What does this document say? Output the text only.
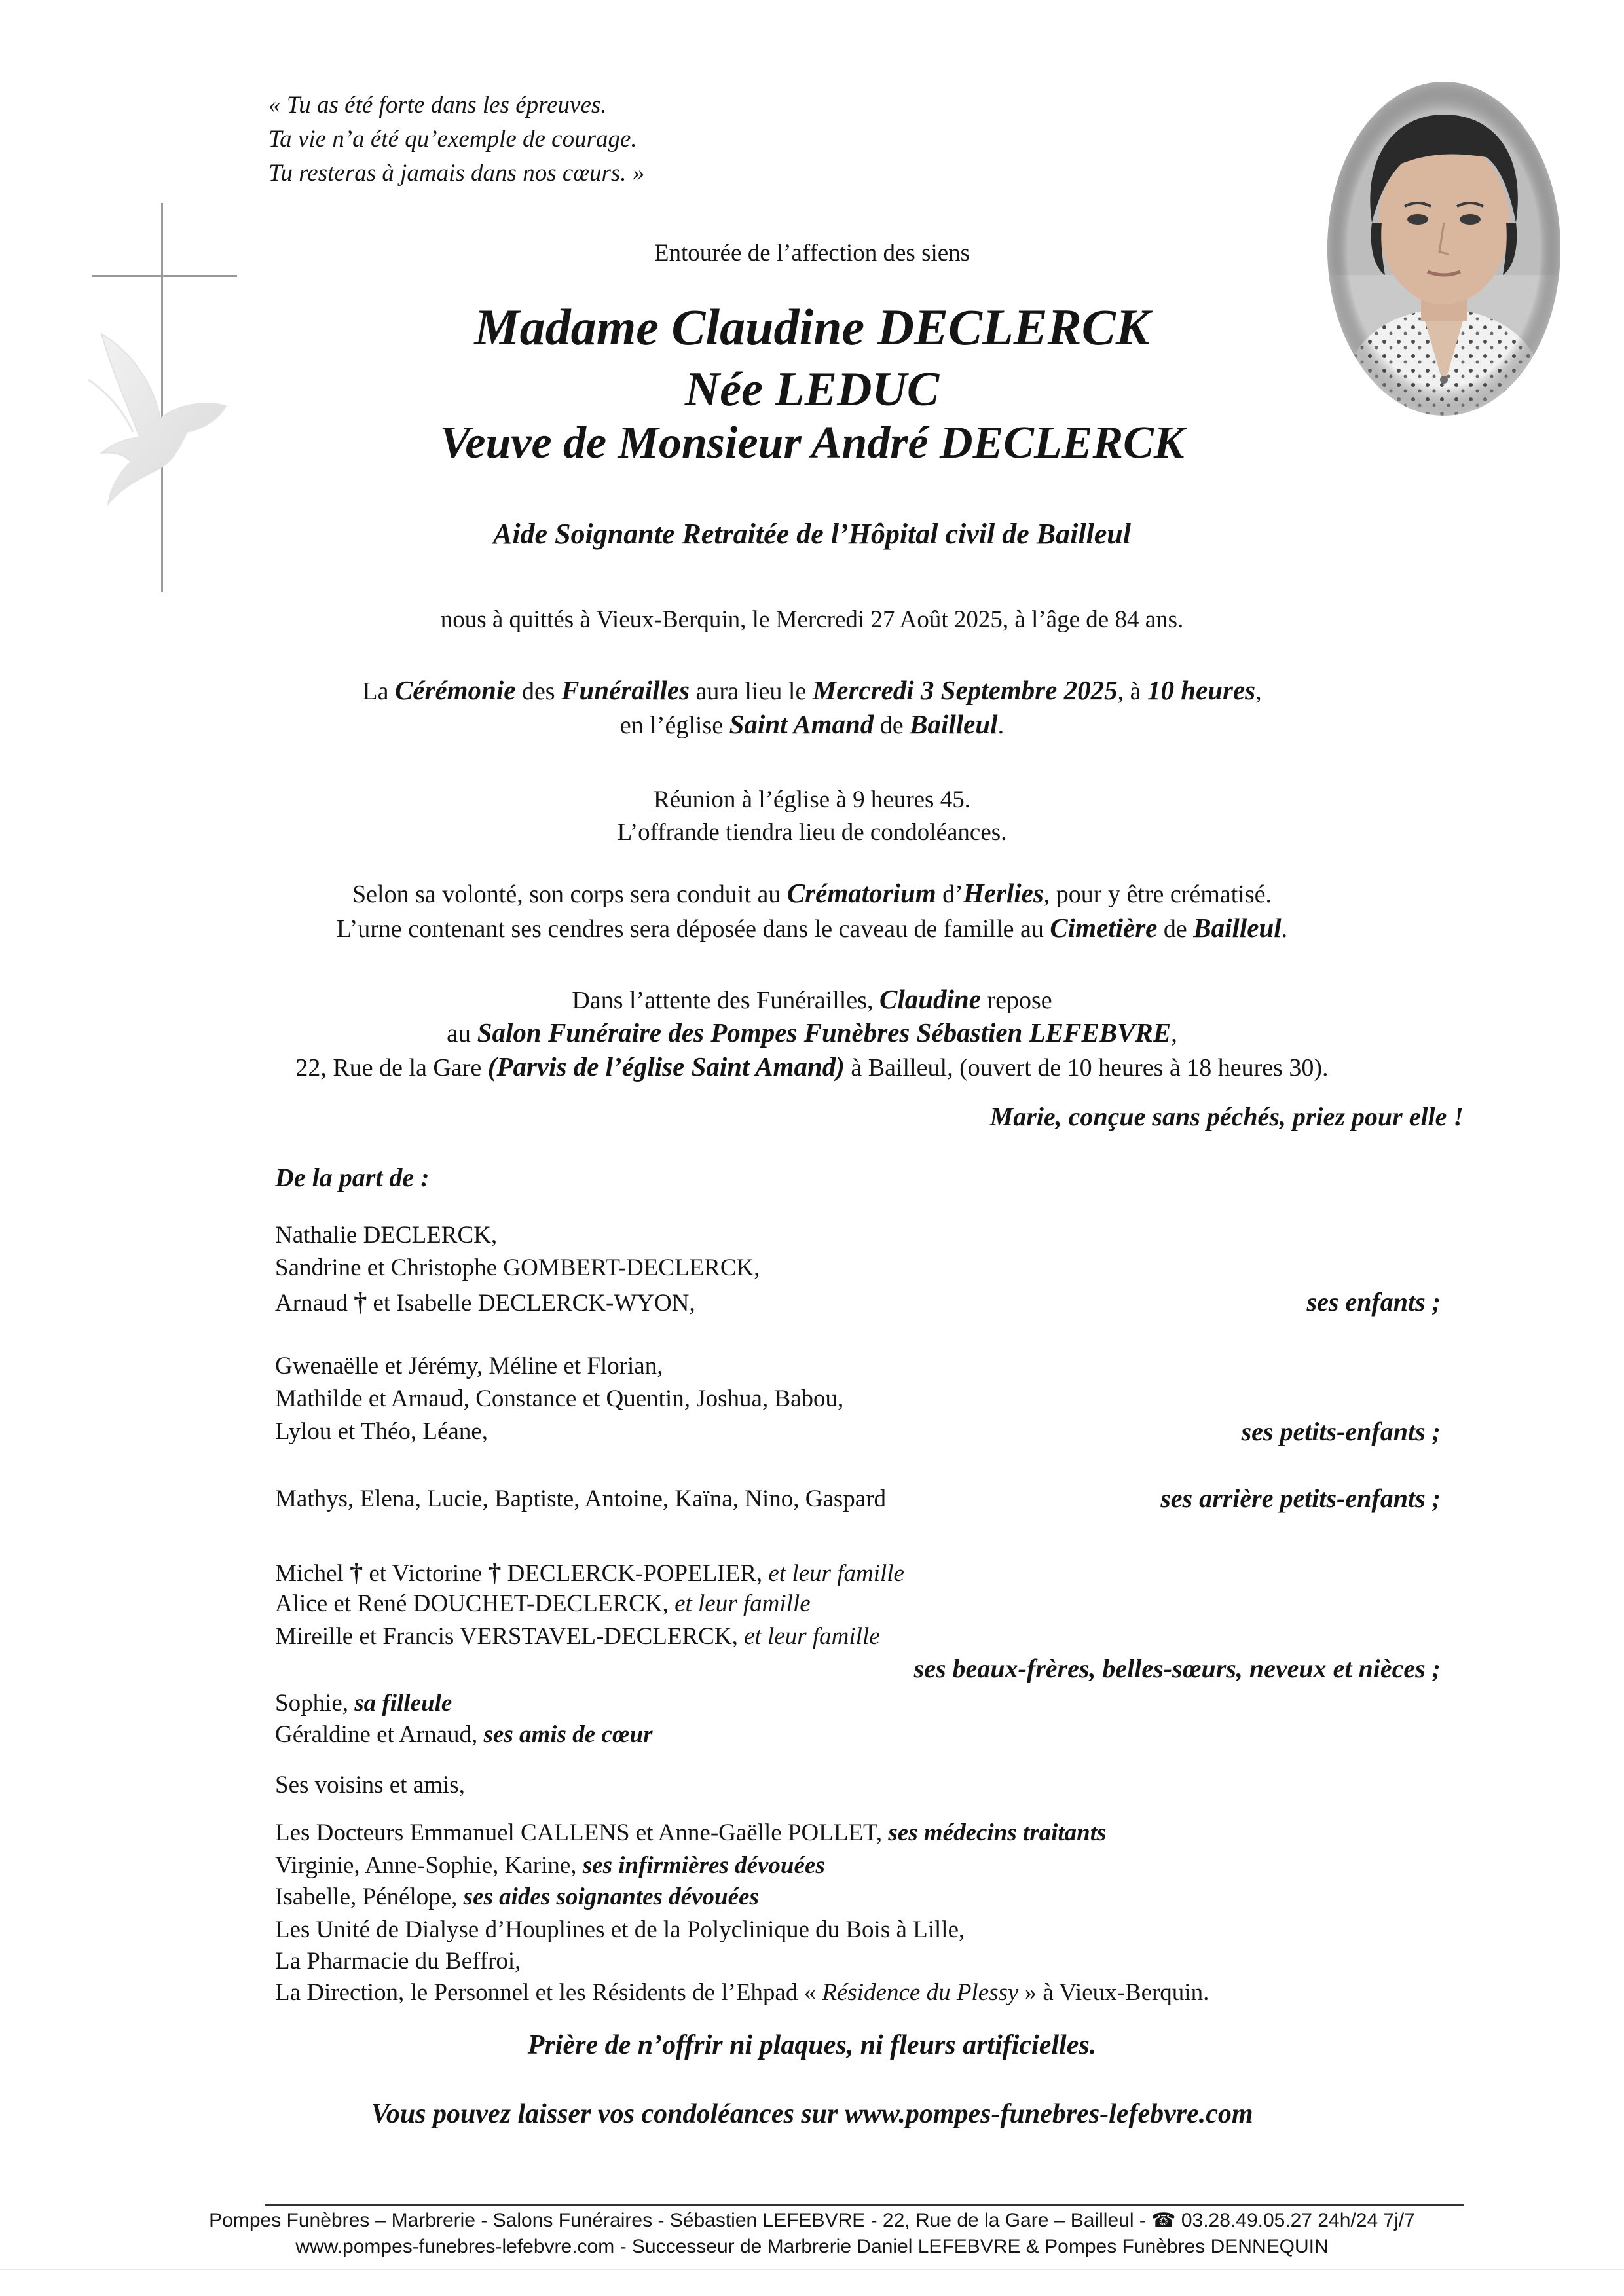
« Tu as été forte dans les épreuves.
Ta vie n’a été qu’exemple de courage.
Tu resteras à jamais dans nos cœurs. »
Entourée de l’affection des siens
Madame Claudine DECLERCK
Née LEDUC
Veuve de Monsieur André DECLERCK
Aide Soignante Retraitée de l’Hôpital civil de Bailleul
nous à quittés à Vieux-Berquin, le Mercredi 27 Août 2025, à l’âge de 84 ans.
La Cérémonie des Funérailles aura lieu le Mercredi 3 Septembre 2025, à 10 heures,
en l’église Saint Amand de Bailleul.
Réunion à l’église à 9 heures 45.
L’offrande tiendra lieu de condoléances.
Selon sa volonté, son corps sera conduit au Crématorium d’Herlies, pour y être crématisé.
L’urne contenant ses cendres sera déposée dans le caveau de famille au Cimetière de Bailleul.
Dans l’attente des Funérailles, Claudine repose
au Salon Funéraire des Pompes Funèbres Sébastien LEFEBVRE,
22, Rue de la Gare (Parvis de l’église Saint Amand) à Bailleul, (ouvert de 10 heures à 18 heures 30).
Marie, conçue sans péchés, priez pour elle !
De la part de :
Nathalie DECLERCK,
Sandrine et Christophe GOMBERT-DECLERCK,
Arnaud † et Isabelle DECLERCK-WYON,	ses enfants ;
Gwenaëlle et Jérémy, Méline et Florian,
Mathilde et Arnaud, Constance et Quentin, Joshua, Babou,
Lylou et Théo, Léane,	ses petits-enfants ;
Mathys, Elena, Lucie, Baptiste, Antoine, Kaïna, Nino, Gaspard	ses arrière petits-enfants ;
Michel † et Victorine † DECLERCK-POPELIER, et leur famille
Alice et René DOUCHET-DECLERCK, et leur famille
Mireille et Francis VERSTAVEL-DECLERCK, et leur famille
ses beaux-frères, belles-sœurs, neveux et nièces ;
Sophie, sa filleule
Géraldine et Arnaud, ses amis de cœur
Ses voisins et amis,
Les Docteurs Emmanuel CALLENS et Anne-Gaëlle POLLET, ses médecins traitants
Virginie, Anne-Sophie, Karine, ses infirmières dévouées
Isabelle, Pénélope, ses aides soignantes dévouées
Les Unité de Dialyse d’Houplines et de la Polyclinique du Bois à Lille,
La Pharmacie du Beffroi,
La Direction, le Personnel et les Résidents de l’Ehpad « Résidence du Plessy » à Vieux-Berquin.
Prière de n’offrir ni plaques, ni fleurs artificielles.
Vous pouvez laisser vos condoléances sur www.pompes-funebres-lefebvre.com
Pompes Funèbres – Marbrerie - Salons Funéraires - Sébastien LEFEBVRE - 22, Rue de la Gare – Bailleul - ☎ 03.28.49.05.27 24h/24 7j/7
www.pompes-funebres-lefebvre.com - Successeur de Marbrerie Daniel LEFEBVRE & Pompes Funèbres DENNEQUIN
